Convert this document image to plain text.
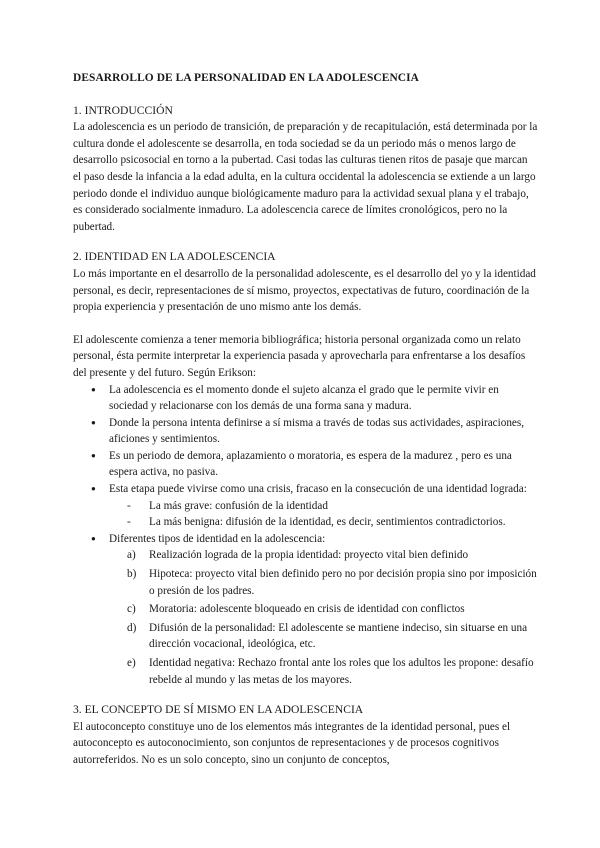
DESARROLLO DE LA PERSONALIDAD EN LA ADOLESCENCIA
1. INTRODUCCIÓN

La adolescencia es un periodo de transición, de preparación y de recapitulación, está determinada por la cultura donde el adolescente se desarrolla, en toda sociedad se da un periodo más o menos largo de desarrollo psicosocial en torno a la pubertad. Casi todas las culturas tienen ritos de pasaje que marcan el paso desde la infancia a la edad adulta, en la cultura occidental la adolescencia se extiende a un largo periodo donde el individuo aunque biológicamente maduro para la actividad sexual plana y el trabajo, es considerado socialmente inmaduro. La adolescencia carece de límites cronológicos, pero no la pubertad.

2. IDENTIDAD EN LA ADOLESCENCIA

Lo más importante en el desarrollo de la personalidad adolescente, es el desarrollo del yo y la identidad personal, es decir, representaciones de sí mismo, proyectos, expectativas de futuro, coordinación de la propia experiencia y presentación de uno mismo ante los demás.

El adolescente comienza a tener memoria bibliográfica; historia personal organizada como un relato personal, ésta permite interpretar la experiencia pasada y aprovecharla para enfrentarse a los desafíos del presente y del futuro. Según Erikson:

● La adolescencia es el momento donde el sujeto alcanza el grado que le permite vivir en sociedad y relacionarse con los demás de una forma sana y madura.
● Donde la persona intenta definirse a sí misma a través de todas sus actividades, aspiraciones, aficiones y sentimientos.
● Es un periodo de demora, aplazamiento o moratoria, es espera de la madurez , pero es una espera activa, no pasiva.
● Esta etapa puede vivirse como una crisis, fracaso en la consecución de una identidad lograda:
- La más grave: confusión de la identidad
- La más benigna: difusión de la identidad, es decir, sentimientos contradictorios.
● Diferentes tipos de identidad en la adolescencia:
a) Realización lograda de la propia identidad: proyecto vital bien definido
b) Hipoteca: proyecto vital bien definido pero no por decisión propia sino por imposición o presión de los padres.
c) Moratoria: adolescente bloqueado en crisis de identidad con conflictos
d) Difusión de la personalidad: El adolescente se mantiene indeciso, sin situarse en una dirección vocacional, ideológica, etc.
e) Identidad negativa: Rechazo frontal ante los roles que los adultos les propone: desafío rebelde al mundo y las metas de los mayores.
3. EL CONCEPTO DE SÍ MISMO EN LA ADOLESCENCIA

El autoconcepto constituye uno de los elementos más integrantes de la identidad personal, pues el autoconcepto es autoconocimiento, son conjuntos de representaciones y de procesos cognitivos autorreferidos. No es un solo concepto, sino un conjunto de conceptos,
